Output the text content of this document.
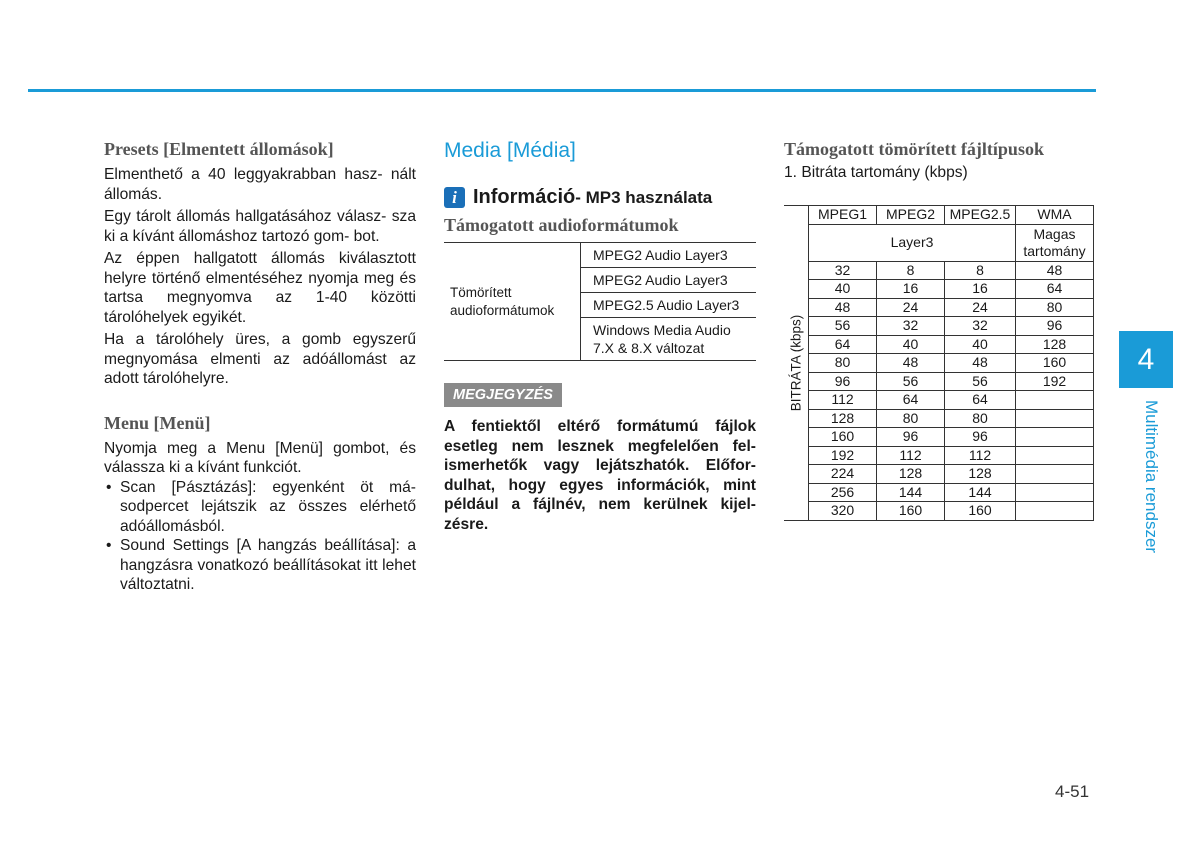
Presets [Elmentett állomások]

Elmenthető a 40 leggyakrabban hasz- nált állomás.

Egy tárolt állomás hallgatásához válasz- sza ki a kívánt állomáshoz tartozó gom- bot.

Az éppen hallgatott állomás kiválasztott helyre történő elmentéséhez nyomja meg és tartsa megnyomva az 1-40 közötti tárolóhelyek egyikét.

Ha a tárolóhely üres, a gomb egyszerű megnyomása elmenti az adóállomást az adott tárolóhelyre.

Menu [Menü]

Nyomja meg a Menu [Menü] gombot, és válassza ki a kívánt funkciót.

• Scan [Pásztázás]: egyenként öt má- sodpercet lejátszik az összes elérhető adóállomásból.
• Sound Settings [A hangzás beállítása]: a hangzásra vonatkozó beállításokat itt lehet változtatni.
Media [Média]
i Információ - MP3 használata
Támogatott audioformátumok
Tömörített audioformátumok	MPEG2 Audio Layer3
MPEG2 Audio Layer3
MPEG2.5 Audio Layer3
Windows Media Audio 7.X & 8.X változat
MEGJEGYZÉS

A fentiektől eltérő formátumú fájlok esetleg nem lesznek megfelelően fel- ismerhetők vagy lejátszhatók. Előfor- dulhat, hogy egyes információk, mint például a fájlnév, nem kerülnek kijel- zésre.

Támogatott tömörített fájltípusok

1. Bitráta tartomány (kbps)

BITRÁTA (kbps)	MPEG1	MPEG2	MPEG2.5	WMA
	Layer3			Magas tartomány
	32	8	8	48
	40	16	16	64
	48	24	24	80
	56	32	32	96
	64	40	40	128
	80	48	48	160
	96	56	56	192
	112	64	64	
	128	80	80	
	160	96	96	
	192	112	112	
	224	128	128	
	256	144	144	
	320	160	160	
4
Multimédia rendszer
4-51
